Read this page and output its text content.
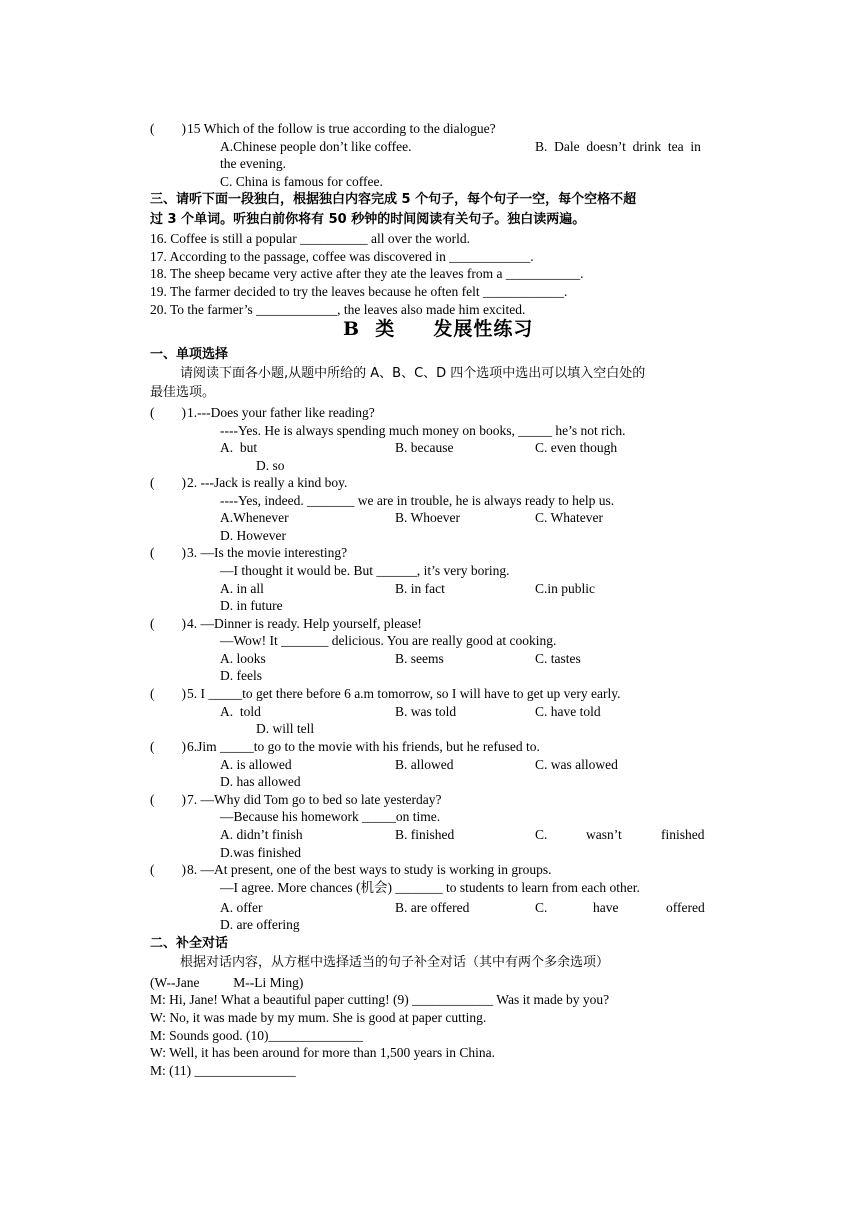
(        ) 15 Which of the follow is true according to the dialogue?
A.Chinese people don’t like coffee.	B.  Dale  doesn’t  drink  tea  in
the evening.
C. China is famous for coffee.
三、请听下面一段独白，根据独白内容完成 5 个句子，每个句子一空，每个空格不超
过 3 个单词。听独白前你将有 50 秒钟的时间阅读有关句子。独白读两遍。
16. Coffee is still a popular __________ all over the world.
17. According to the passage, coffee was discovered in ____________.
18. The sheep became very active after they ate the leaves from a ___________.
19. The farmer decided to try the leaves because he often felt ____________.
20. To the farmer’s ____________, the leaves also made him excited.
B  类     发展性练习
一、单项选择
请阅读下面各小题,从题中所给的 A、B、C、D 四个选项中选出可以填入空白处的
最佳选项。
(        ) 1.---Does your father like reading?
----Yes. He is always spending much money on books, _____ he’s not rich.
A.  but	B. because	C. even though
D. so
(        ) 2. ---Jack is really a kind boy.
----Yes, indeed. _______ we are in trouble, he is always ready to help us.
A.Whenever	B. Whoever	C. Whatever
D. However
(        ) 3. —Is the movie interesting?
—I thought it would be. But ______, it’s very boring.
A. in all	B. in fact	C.in public
D. in future
(        ) 4. —Dinner is ready. Help yourself, please!
—Wow! It _______ delicious. You are really good at cooking.
A. looks	B. seems	C. tastes
D. feels
(        ) 5. I _____to get there before 6 a.m tomorrow, so I will have to get up very early.
A.  told	B. was told	C. have told
D. will tell
(        ) 6.Jim _____to go to the movie with his friends, but he refused to.
A. is allowed	B. allowed	C. was allowed
D. has allowed
(        ) 7. —Why did Tom go to bed so late yesterday?
—Because his homework _____on time.
A. didn’t finish	B. finished	C.	wasn’t	finished
D.was finished
(        ) 8. —At present, one of the best ways to study is working in groups.
—I agree. More chances (机会) _______ to students to learn from each other.
A. offer	B. are offered	C.	have	offered
D. are offering
二、补全对话
根据对话内容，从方框中选择适当的句子补全对话（其中有两个多余选项）
(W--Jane          M--Li Ming)
M: Hi, Jane! What a beautiful paper cutting! (9) ____________ Was it made by you?
W: No, it was made by my mum. She is good at paper cutting.
M: Sounds good. (10)______________
W: Well, it has been around for more than 1,500 years in China.
M: (11) _______________
